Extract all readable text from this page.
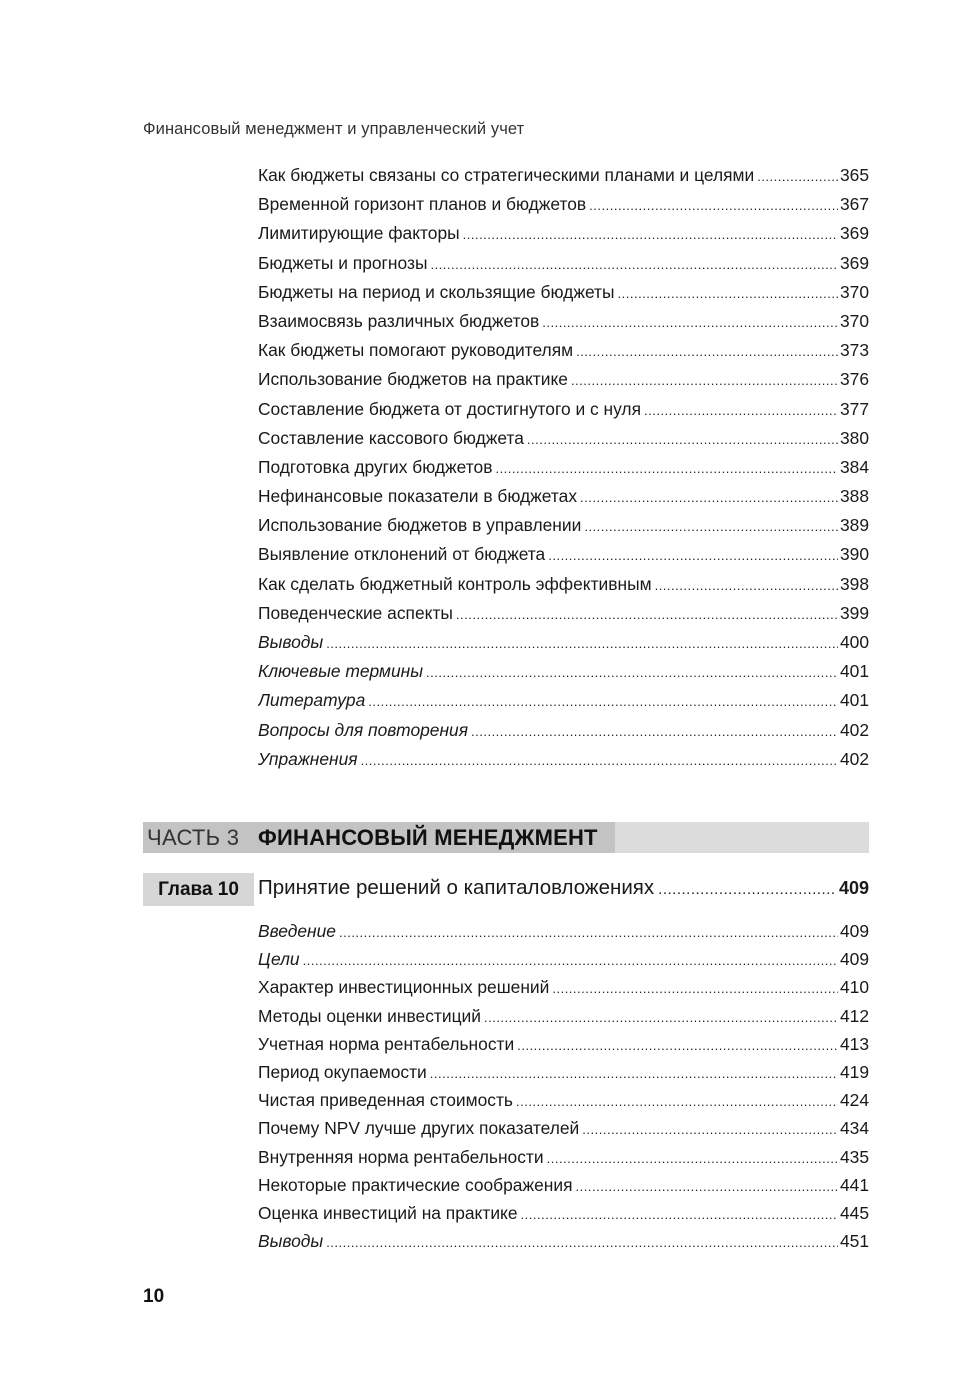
Финансовый менеджмент и управленческий учет
Как бюджеты связаны со стратегическими планами и целями .....	365
Временной горизонт планов и бюджетов .....	367
Лимитирующие факторы .....	369
Бюджеты и прогнозы .....	369
Бюджеты на период и скользящие бюджеты .....	370
Взаимосвязь различных бюджетов .....	370
Как бюджеты помогают руководителям .....	373
Использование бюджетов на практике .....	376
Составление бюджета от достигнутого и с нуля .....	377
Составление кассового бюджета .....	380
Подготовка других бюджетов .....	384
Нефинансовые показатели в бюджетах .....	388
Использование бюджетов в управлении .....	389
Выявление отклонений от бюджета .....	390
Как сделать бюджетный контроль эффективным .....	398
Поведенческие аспекты .....	399
Выводы .....	400
Ключевые термины .....	401
Литература .....	401
Вопросы для повторения .....	402
Упражнения .....	402
ЧАСТЬ 3 ФИНАНСОВЫЙ МЕНЕДЖМЕНТ
Глава 10 Принятие решений о капиталовложениях .....	409
Введение .....	409
Цели .....	409
Характер инвестиционных решений .....	410
Методы оценки инвестиций .....	412
Учетная норма рентабельности .....	413
Период окупаемости .....	419
Чистая приведенная стоимость .....	424
Почему NPV лучше других показателей .....	434
Внутренняя норма рентабельности .....	435
Некоторые практические соображения .....	441
Оценка инвестиций на практике .....	445
Выводы .....	451
10
